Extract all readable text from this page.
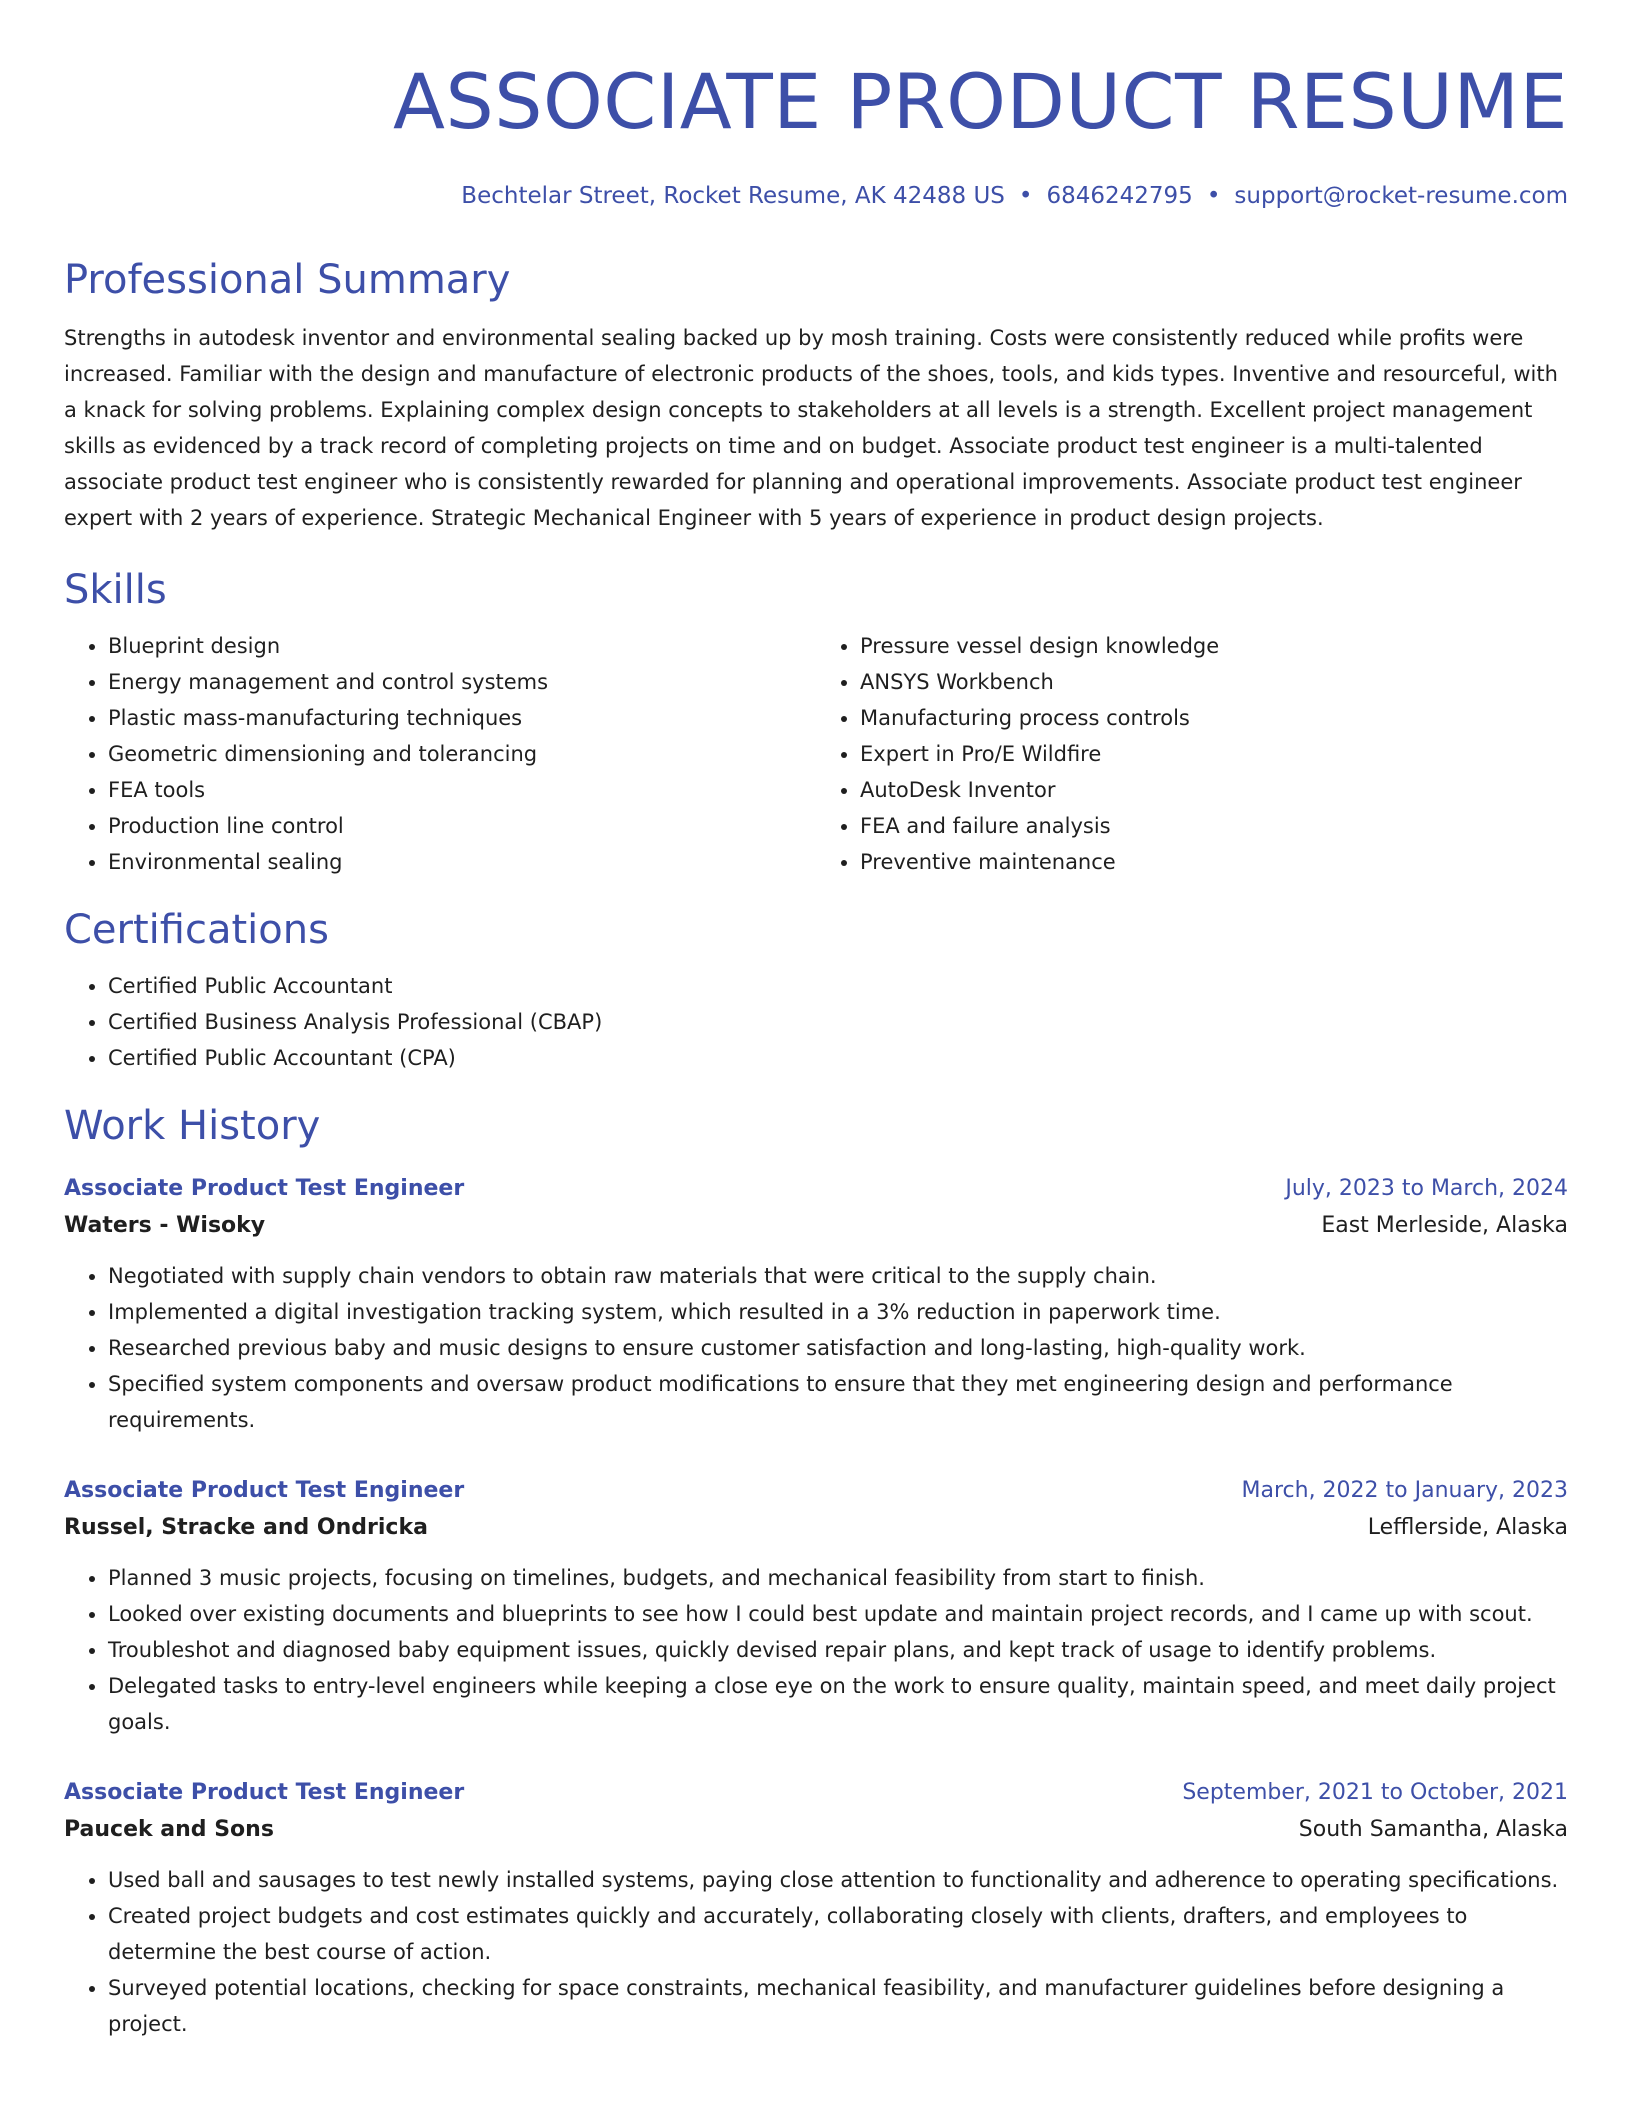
ASSOCIATE PRODUCT RESUME
Bechtelar Street, Rocket Resume, AK 42488 US • 6846242795 • support@rocket-resume.com
Professional Summary

Strengths in autodesk inventor and environmental sealing backed up by mosh training. Costs were consistently reduced while profits were increased. Familiar with the design and manufacture of electronic products of the shoes, tools, and kids types. Inventive and resourceful, with a knack for solving problems. Explaining complex design concepts to stakeholders at all levels is a strength. Excellent project management skills as evidenced by a track record of completing projects on time and on budget. Associate product test engineer is a multi-talented associate product test engineer who is consistently rewarded for planning and operational improvements. Associate product test engineer expert with 2 years of experience. Strategic Mechanical Engineer with 5 years of experience in product design projects.

Skills
• Blueprint design
• Energy management and control systems
• Plastic mass-manufacturing techniques
• Geometric dimensioning and tolerancing
• FEA tools
• Production line control
• Environmental sealing
• Pressure vessel design knowledge
• ANSYS Workbench
• Manufacturing process controls
• Expert in Pro/E Wildfire
• AutoDesk Inventor
• FEA and failure analysis
• Preventive maintenance
Certifications
• Certified Public Accountant
• Certified Business Analysis Professional (CBAP)
• Certified Public Accountant (CPA)
Work History
Associate Product Test Engineer	July, 2023 to March, 2024
Waters - Wisoky	East Merleside, Alaska
• Negotiated with supply chain vendors to obtain raw materials that were critical to the supply chain.
• Implemented a digital investigation tracking system, which resulted in a 3% reduction in paperwork time.
• Researched previous baby and music designs to ensure customer satisfaction and long-lasting, high-quality work.
• Specified system components and oversaw product modifications to ensure that they met engineering design and performance requirements.
Associate Product Test Engineer	March, 2022 to January, 2023
Russel, Stracke and Ondricka	Lefflerside, Alaska
• Planned 3 music projects, focusing on timelines, budgets, and mechanical feasibility from start to finish.
• Looked over existing documents and blueprints to see how I could best update and maintain project records, and I came up with scout.
• Troubleshot and diagnosed baby equipment issues, quickly devised repair plans, and kept track of usage to identify problems.
• Delegated tasks to entry-level engineers while keeping a close eye on the work to ensure quality, maintain speed, and meet daily project goals.
Associate Product Test Engineer	September, 2021 to October, 2021
Paucek and Sons	South Samantha, Alaska
• Used ball and sausages to test newly installed systems, paying close attention to functionality and adherence to operating specifications.
• Created project budgets and cost estimates quickly and accurately, collaborating closely with clients, drafters, and employees to determine the best course of action.
• Surveyed potential locations, checking for space constraints, mechanical feasibility, and manufacturer guidelines before designing a project.
